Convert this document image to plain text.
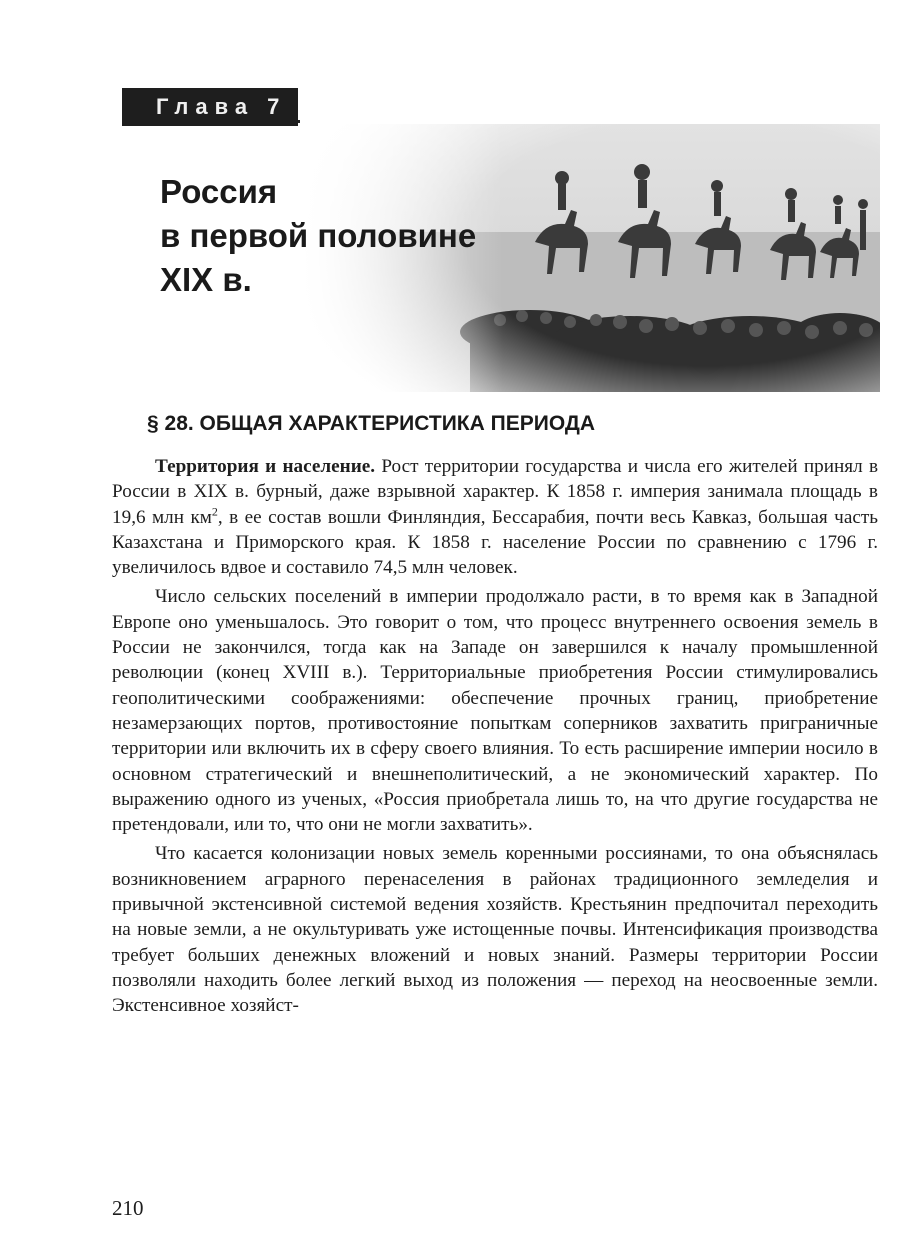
Глава 7
Россия
в первой половине
XIX в.
§ 28. ОБЩАЯ ХАРАКТЕРИСТИКА ПЕРИОДА

Территория и население. Рост территории государства и числа его жителей принял в России в XIX в. бурный, даже взрывной характер. К 1858 г. империя занимала площадь в 19,6 млн $км^2$, в ее состав вошли Финляндия, Бессарабия, почти весь Кавказ, большая часть Казахстана и Приморского края. К 1858 г. население России по сравнению с 1796 г. увеличилось вдвое и составило 74,5 млн человек.

Число сельских поселений в империи продолжало расти, в то время как в Западной Европе оно уменьшалось. Это говорит о том, что процесс внутреннего освоения земель в России не закончился, тогда как на Западе он завершился к началу промышленной революции (конец XVIII в.). Территориальные приобретения России стимулировались геополитическими соображениями: обеспечение прочных границ, приобретение незамерзающих портов, противостояние попыткам соперников захватить приграничные территории или включить их в сферу своего влияния. То есть расширение империи носило в основном стратегический и внешнеполитический, а не экономический характер. По выражению одного из ученых, «Россия приобретала лишь то, на что другие государства не претендовали, или то, что они не могли захватить».

Что касается колонизации новых земель коренными россиянами, то она объяснялась возникновением аграрного перенаселения в районах традиционного земледелия и привычной экстенсивной системой ведения хозяйств. Крестьянин предпочитал переходить на новые земли, а не окультуривать уже истощенные почвы. Интенсификация производства требует больших денежных вложений и новых знаний. Размеры территории России позволяли находить более легкий выход из положения — переход на неосвоенные земли. Экстенсивное хозяйст-

210
